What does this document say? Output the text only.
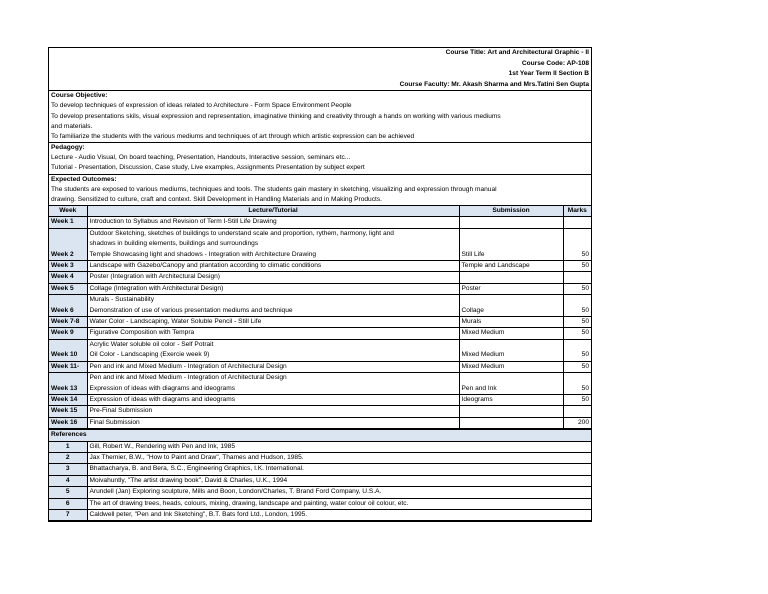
Course Title: Art and Architectural Graphic - II
Course Code: AP-108
1st Year Term II Section B
Course Faculty: Mr. Akash Sharma and Mrs.Tatini Sen Gupta
Course Objective:
To develop techniques of expression of ideas related to Architecture - Form Space Environment People
To develop presentations skils, visual expression and representation, imaginative thinking and creativity through a hands on working with various mediums
and materials.
To familiarize the students with the various mediums and techniques of art through which artistic expression can be achieved
Pedagogy:
Lecture - Audio Visual, On board teaching, Presentation, Handouts, Interactive session, seminars etc...
Tutorial - Presentation, Discussion, Case study, Live examples, Assignments Presentation by subject expert
Expected Outcomes:
The students are exposed to various mediums, techniques and tools. The students gain mastery in sketching, visualizing and expression through manual
drawing. Sensitized to culture, craft and context. Skill Development in Handling Materials and in Making Products.
Week	Lecture/Tutorial	Submission	Marks
Week 1	Introduction to Syllabus and Revision of Term I-Still Life Drawing		

Week 2	Outdoor Sketching, sketches of buildings to understand scale and proportion, rythem, harmony, light and
shadows in building elements, buildings and surroundings
Temple Showcasing light and shadows - Integration with Architecture Drawing	Still Life	50
Week 3	Landscape with Gazebo/Canopy and plantation according to climatic conditions	Temple and Landscape	50
Week 4	Poster (Integration with Architectural Design)		

Week 5	Collage (Integration with Architectural Design)	Poster	50
Week 6	Murals - Sustainability
Demonstration of use of various presentation mediums and technique	Collage	50
Week 7-8	Water Color - Landscaping, Water Soluble Pencil - Still Life	Murals	50
Week 9	Figurative Composition with Tempra	Mixed Medium	50
Week 10	Acrylic Water soluble oil color - Self Potrait
Oil Color - Landscaping (Exercie week 9)	Mixed Medium	50
Week 11-	Pen and ink and Mixed Medium - Integration of Architectural Design	Mixed Medium	50
Week 13	Pen and ink and Mixed Medium - Integration of Architectural Design
Expression of ideas with diagrams and ideograms	Pen and Ink	50
Week 14	Expression of ideas with diagrams and ideograms	Ideograms	50
Week 15	Pre-Final Submission		

Week 16	Final Submission		200
References
1	Gill, Robert W., Rendering with Pen and Ink, 1985
2	Jax Themier, B.W., "How to Paint and Draw", Thames and Hudson, 1985.
3	Bhattacharya, B. and Bera, S.C., Engineering Graphics, I.K. International.
4	Moivahuntly, "The artist drawing book", David & Charles, U.K., 1994
5	Arundell (Jan) Exploring sculpture, Mills and Boon, London/Charles, T. Brand Ford Company, U.S.A.
6	The art of drawing trees, heads, colours, mixing, drawing, landscape and painting, water colour oil colour, etc.
7	Caldwell peter, "Pen and Ink Sketching", B.T. Bats ford Ltd., London, 1995.
